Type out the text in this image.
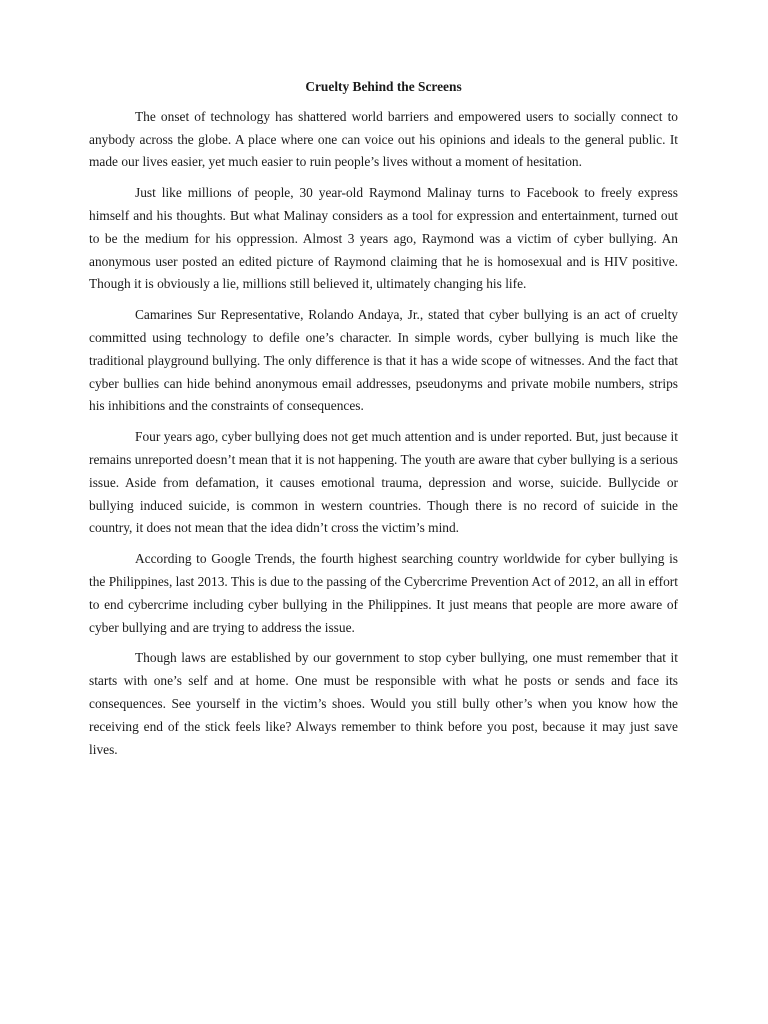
Cruelty Behind the Screens

The onset of technology has shattered world barriers and empowered users to socially connect to anybody across the globe. A place where one can voice out his opinions and ideals to the general public. It made our lives easier, yet much easier to ruin people’s lives without a moment of hesitation.

Just like millions of people, 30 year-old Raymond Malinay turns to Facebook to freely express himself and his thoughts. But what Malinay considers as a tool for expression and entertainment, turned out to be the medium for his oppression. Almost 3 years ago, Raymond was a victim of cyber bullying. An anonymous user posted an edited picture of Raymond claiming that he is homosexual and is HIV positive. Though it is obviously a lie, millions still believed it, ultimately changing his life.

Camarines Sur Representative, Rolando Andaya, Jr., stated that cyber bullying is an act of cruelty committed using technology to defile one’s character. In simple words, cyber bullying is much like the traditional playground bullying. The only difference is that it has a wide scope of witnesses. And the fact that cyber bullies can hide behind anonymous email addresses, pseudonyms and private mobile numbers, strips his inhibitions and the constraints of consequences.

Four years ago, cyber bullying does not get much attention and is under reported. But, just because it remains unreported doesn’t mean that it is not happening. The youth are aware that cyber bullying is a serious issue. Aside from defamation, it causes emotional trauma, depression and worse, suicide. Bullycide or bullying induced suicide, is common in western countries. Though there is no record of suicide in the country, it does not mean that the idea didn’t cross the victim’s mind.

According to Google Trends, the fourth highest searching country worldwide for cyber bullying is the Philippines, last 2013. This is due to the passing of the Cybercrime Prevention Act of 2012, an all in effort to end cybercrime including cyber bullying in the Philippines. It just means that people are more aware of cyber bullying and are trying to address the issue.

Though laws are established by our government to stop cyber bullying, one must remember that it starts with one’s self and at home. One must be responsible with what he posts or sends and face its consequences. See yourself in the victim’s shoes. Would you still bully other’s when you know how the receiving end of the stick feels like? Always remember to think before you post, because it may just save lives.
